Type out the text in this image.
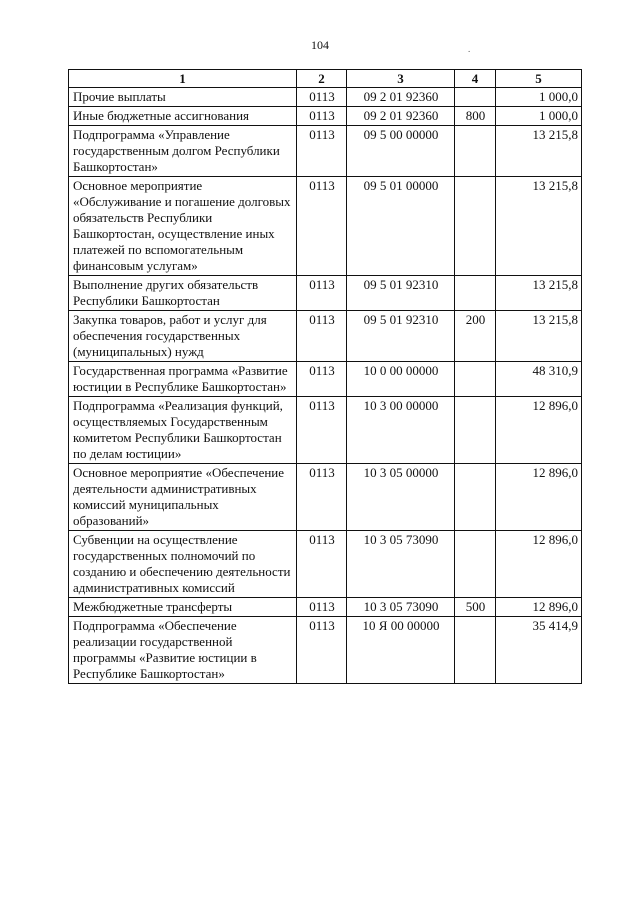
104	.
1	2	3	4	5
Прочие выплаты	0113	09 2 01 92360		1 000,0
Иные бюджетные ассигнования	0113	09 2 01 92360	800	1 000,0
Подпрограмма «Управление государственным долгом Республики Башкортостан»	0113	09 5 00 00000		13 215,8
Основное мероприятие «Обслуживание и погашение долговых обязательств Республики Башкортостан, осуществление иных платежей по вспомогательным финансовым услугам»	0113	09 5 01 00000		13 215,8
Выполнение других обязательств Республики Башкортостан	0113	09 5 01 92310		13 215,8
Закупка товаров, работ и услуг для обеспечения государственных (муниципальных) нужд	0113	09 5 01 92310	200	13 215,8
Государственная программа «Развитие юстиции в Республике Башкортостан»	0113	10 0 00 00000		48 310,9
Подпрограмма «Реализация функций, осуществляемых Государственным комитетом Республики Башкортостан по делам юстиции»	0113	10 3 00 00000		12 896,0
Основное мероприятие «Обеспечение деятельности административных комиссий муниципальных образований»	0113	10 3 05 00000		12 896,0
Субвенции на осуществление государственных полномочий по созданию и обеспечению деятельности административных комиссий	0113	10 3 05 73090		12 896,0
Межбюджетные трансферты	0113	10 3 05 73090	500	12 896,0
Подпрограмма «Обеспечение реализации государственной программы «Развитие юстиции в Республике Башкортостан»	0113	10 Я 00 00000		35 414,9
